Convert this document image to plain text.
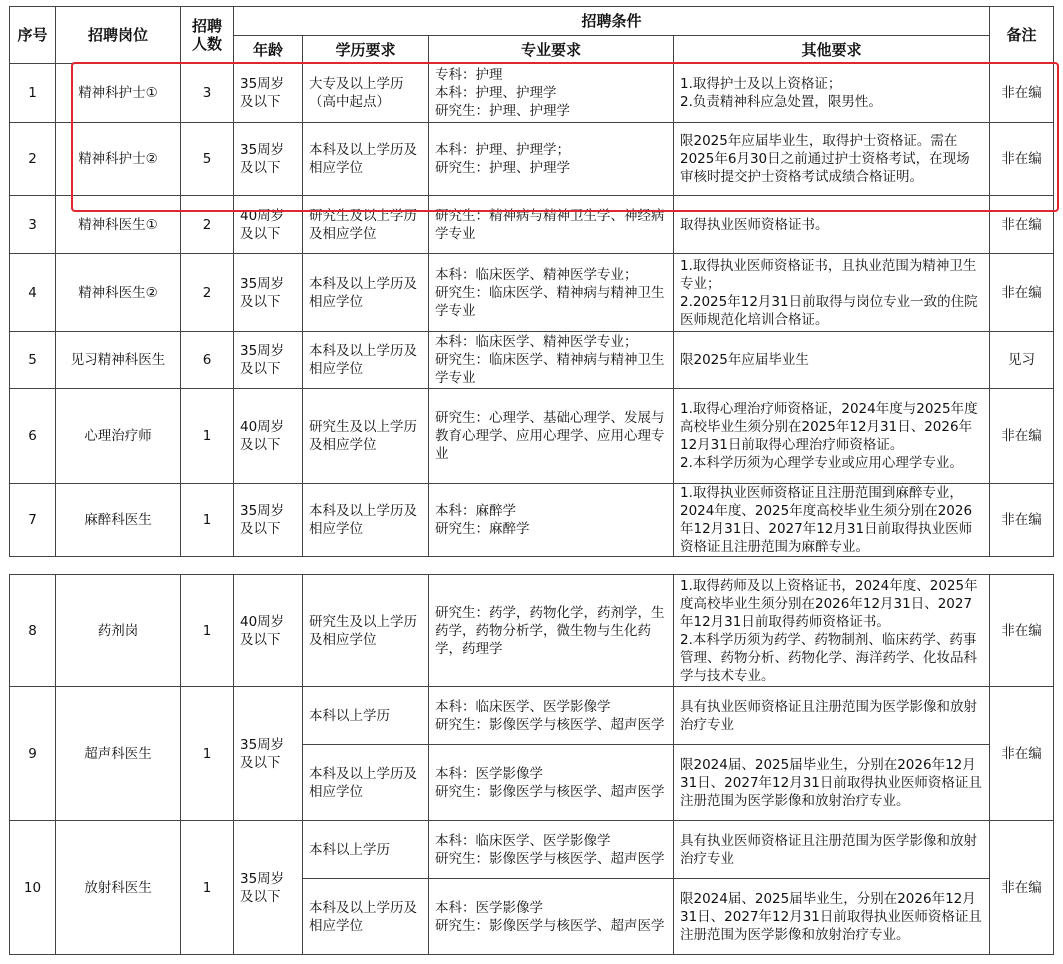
序号	招聘岗位	招聘人数	招聘条件				备注
			年龄	学历要求	专业要求	其他要求	
1	精神科护士①	3	35周岁及以下	大专及以上学历（高中起点）	专科：护理
本科：护理、护理学
研究生：护理、护理学	1.取得护士及以上资格证；
2.负责精神科应急处置，限男性。	非在编
2	精神科护士②	5	35周岁及以下	本科及以上学历及相应学位	本科：护理、护理学；
研究生：护理、护理学	限2025年应届毕业生，取得护士资格证。需在2025年6月30日之前通过护士资格考试，在现场审核时提交护士资格考试成绩合格证明。	非在编
3	精神科医生①	2	40周岁及以下	研究生及以上学历及相应学位	研究生：精神病与精神卫生学、神经病学专业	取得执业医师资格证书。	非在编
4	精神科医生②	2	35周岁及以下	本科及以上学历及相应学位	本科：临床医学、精神医学专业；
研究生：临床医学、精神病与精神卫生学专业	1.取得执业医师资格证书，且执业范围为精神卫生专业；
2.2025年12月31日前取得与岗位专业一致的住院医师规范化培训合格证。	非在编
5	见习精神科医生	6	35周岁及以下	本科及以上学历及相应学位	本科：临床医学、精神医学专业；
研究生：临床医学、精神病与精神卫生学专业	限2025年应届毕业生	见习
6	心理治疗师	1	40周岁及以下	研究生及以上学历及相应学位	研究生：心理学、基础心理学、发展与教育心理学、应用心理学、应用心理专业	1.取得心理治疗师资格证，2024年度与2025年度高校毕业生须分别在2025年12月31日、2026年12月31日前取得心理治疗师资格证。
2.本科学历须为心理学专业或应用心理学专业。	非在编
7	麻醉科医生	1	35周岁及以下	本科及以上学历及相应学位	本科：麻醉学
研究生：麻醉学	1.取得执业医师资格证且注册范围到麻醉专业，2024年度、2025年度高校毕业生须分别在2026年12月31日、2027年12月31日前取得执业医师资格证且注册范围为麻醉专业。	非在编
8	药剂岗	1	40周岁及以下	研究生及以上学历及相应学位	研究生：药学，药物化学，药剂学，生药学，药物分析学，微生物与生化药学，药理学	1.取得药师及以上资格证书，2024年度、2025年度高校毕业生须分别在2026年12月31日、2027年12月31日前取得药师资格证书。
2.本科学历须为药学、药物制剂、临床药学、药事管理、药物分析、药物化学、海洋药学、化妆品科学与技术专业。	非在编
9	超声科医生	1	35周岁及以下	本科以上学历	本科：临床医学、医学影像学
研究生：影像医学与核医学、超声医学	具有执业医师资格证且注册范围为医学影像和放射治疗专业	非在编
				本科及以上学历及相应学位	本科：医学影像学
研究生：影像医学与核医学、超声医学	限2024届、2025届毕业生，分别在2026年12月31日、2027年12月31日前取得执业医师资格证且注册范围为医学影像和放射治疗专业。	
10	放射科医生	1	35周岁及以下	本科以上学历	本科：临床医学、医学影像学
研究生：影像医学与核医学、超声医学	具有执业医师资格证且注册范围为医学影像和放射治疗专业	非在编
				本科及以上学历及相应学位	本科：医学影像学
研究生：影像医学与核医学、超声医学	限2024届、2025届毕业生，分别在2026年12月31日、2027年12月31日前取得执业医师资格证且注册范围为医学影像和放射治疗专业。	
